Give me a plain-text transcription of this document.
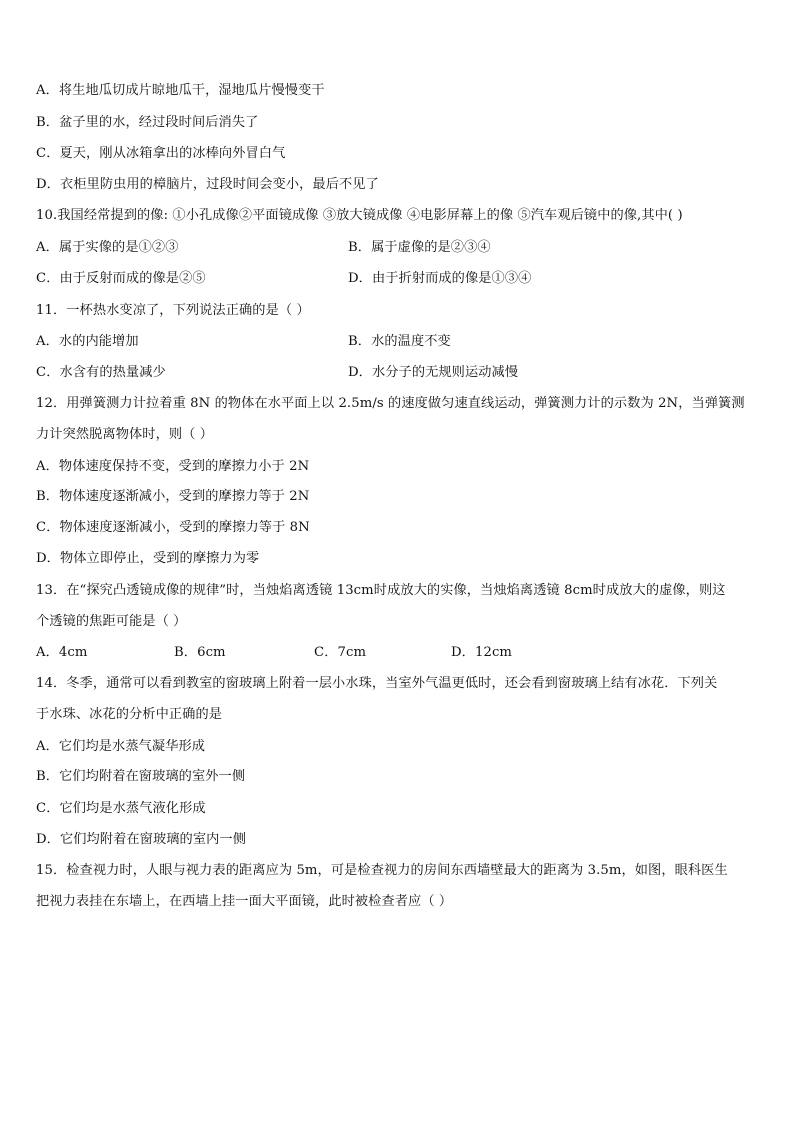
A．将生地瓜切成片晾地瓜干，湿地瓜片慢慢变干
B．盆子里的水，经过段时间后消失了
C．夏天，刚从冰箱拿出的冰棒向外冒白气
D．衣柜里防虫用的樟脑片，过段时间会变小，最后不见了
10.我国经常提到的像: ①小孔成像②平面镜成像 ③放大镜成像 ④电影屏幕上的像 ⑤汽车观后镜中的像,其中( )
A．属于实像的是①②③	B．属于虚像的是②③④
C．由于反射而成的像是②⑤	D．由于折射而成的像是①③④
11．一杯热水变凉了，下列说法正确的是（ ）
A．水的内能增加	B．水的温度不变
C．水含有的热量减少	D．水分子的无规则运动减慢
12．用弹簧测力计拉着重 8N 的物体在水平面上以 2.5m/s 的速度做匀速直线运动，弹簧测力计的示数为 2N，当弹簧测
力计突然脱离物体时，则（ ）
A．物体速度保持不变，受到的摩擦力小于 2N
B．物体速度逐渐减小，受到的摩擦力等于 2N
C．物体速度逐渐减小，受到的摩擦力等于 8N
D．物体立即停止，受到的摩擦力为零
13．在“探究凸透镜成像的规律”时，当烛焰离透镜 13cm时成放大的实像，当烛焰离透镜 8cm时成放大的虚像，则这
个透镜的焦距可能是（ ）
A．4cm	B．6cm	C．7cm	D．12cm
14．冬季，通常可以看到教室的窗玻璃上附着一层小水珠，当室外气温更低时，还会看到窗玻璃上结有冰花．下列关
于水珠、冰花的分析中正确的是
A．它们均是水蒸气凝华形成
B．它们均附着在窗玻璃的室外一侧
C．它们均是水蒸气液化形成
D．它们均附着在窗玻璃的室内一侧
15．检查视力时，人眼与视力表的距离应为 5m，可是检查视力的房间东西墙壁最大的距离为 3.5m，如图，眼科医生
把视力表挂在东墙上，在西墙上挂一面大平面镜，此时被检查者应（ ）
